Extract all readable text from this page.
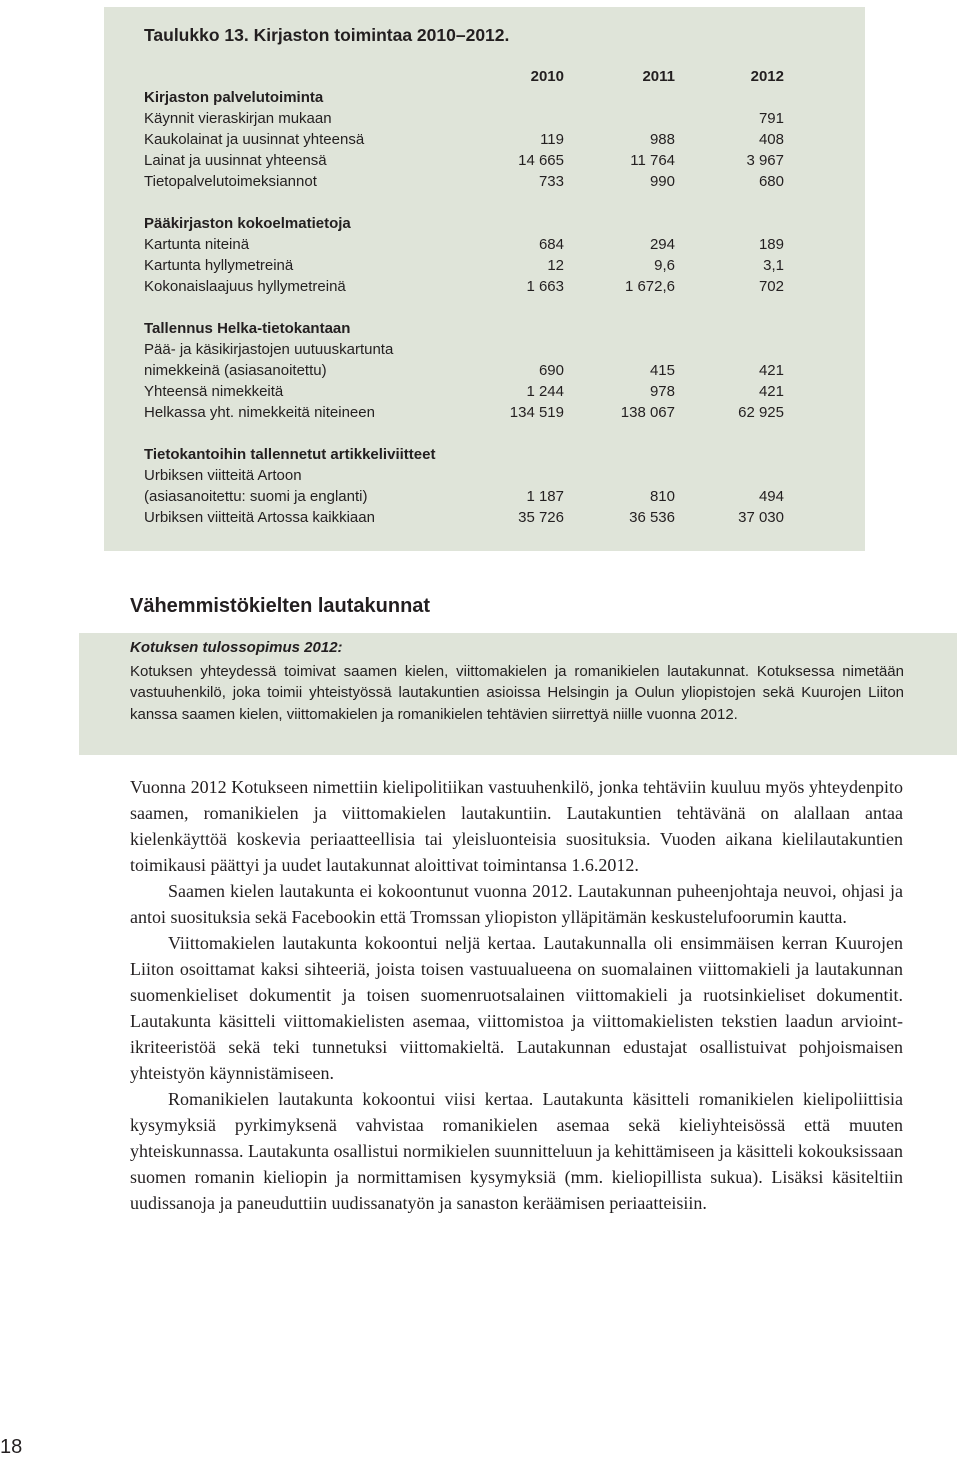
Taulukko 13. Kirjaston toimintaa 2010–2012.
	2010	2011	2012
Kirjaston palvelutoiminta			
Käynnit vieraskirjan mukaan			791
Kaukolainat ja uusinnat yhteensä	119	988	408
Lainat ja uusinnat yhteensä	14 665	11 764	3 967
Tietopalvelutoimeksiannot	733	990	680

Pääkirjaston kokoelmatietoja			
Kartunta niteinä	684	294	189
Kartunta hyllymetreinä	12	9,6	3,1
Kokonaislaajuus hyllymetreinä	1 663	1 672,6	702

Tallennus Helka-tietokantaan			
Pää- ja käsikirjastojen uutuuskartunta			
nimekkeinä (asiasanoitettu)	690	415	421
Yhteensä nimekkeitä	1 244	978	421
Helkassa yht. nimekkeitä niteineen	134 519	138 067	62 925

Tietokantoihin tallennetut artikkeliviitteet			
Urbiksen viitteitä Artoon			
(asiasanoitettu: suomi ja englanti)	1 187	810	494
Urbiksen viitteitä Artossa kaikkiaan	35 726	36 536	37 030
Vähemmistökielten lautakunnat
Kotuksen tulossopimus 2012:
Kotuksen yhteydessä toimivat saamen kielen, viittomakielen ja romanikielen lautakunnat. Kotuksessa nimetään vastuuhenkilö, joka toimii yhteistyössä lautakuntien asioissa Helsingin ja Oulun yliopistojen sekä Kuurojen Liiton kanssa saamen kielen, viittomakielen ja romanikielen tehtävien siirrettyä niille vuonna 2012.

Vuonna 2012 Kotukseen nimettiin kielipolitiikan vastuuhenkilö, jonka tehtäviin kuuluu myös yhteydenpito saamen, romanikielen ja viittomakielen lautakuntiin. Lautakuntien tehtävänä on alallaan antaa kielenkäyttöä koskevia periaatteellisia tai yleisluonteisia suosituksia. Vuoden aikana kielilautakuntien toimikausi päättyi ja uudet lautakunnat aloittivat toimintansa 1.6.2012.

Saamen kielen lautakunta ei kokoontunut vuonna 2012. Lautakunnan puheenjohtaja neuvoi, ohjasi ja antoi suosituksia sekä Facebookin että Tromssan yliopiston ylläpitämän keskustelufoorumin kautta.

Viittomakielen lautakunta kokoontui neljä kertaa. Lautakunnalla oli ensimmäisen kerran Kuurojen Liiton osoittamat kaksi sihteeriä, joista toisen vastuualueena on suomalainen viittomakieli ja lautakunnan suomenkieliset dokumentit ja toisen suomenruotsalainen viittomakieli ja ruotsinkieliset dokumentit. Lautakunta käsitteli viittomakielisten asemaa, viittomistoa ja viittomakielisten tekstien laadun arviointikriteeristöä sekä teki tunnetuksi viittomakieltä. Lautakunnan edustajat osallistuivat pohjoismaisen yhteistyön käynnistämiseen.

Romanikielen lautakunta kokoontui viisi kertaa. Lautakunta käsitteli romanikielen kielipoliittisia kysymyksiä pyrkimyksenä vahvistaa romanikielen asemaa sekä kieliyhteisössä että muuten yhteiskunnassa. Lautakunta osallistui normikielen suunnitteluun ja kehittämiseen ja käsitteli kokouksissaan suomen romanin kieliopin ja normittamisen kysymyksiä (mm. kieliopillista sukua). Lisäksi käsiteltiin uudissanoja ja paneuduttiin uudissanatyön ja sanaston keräämisen periaatteisiin.

18
